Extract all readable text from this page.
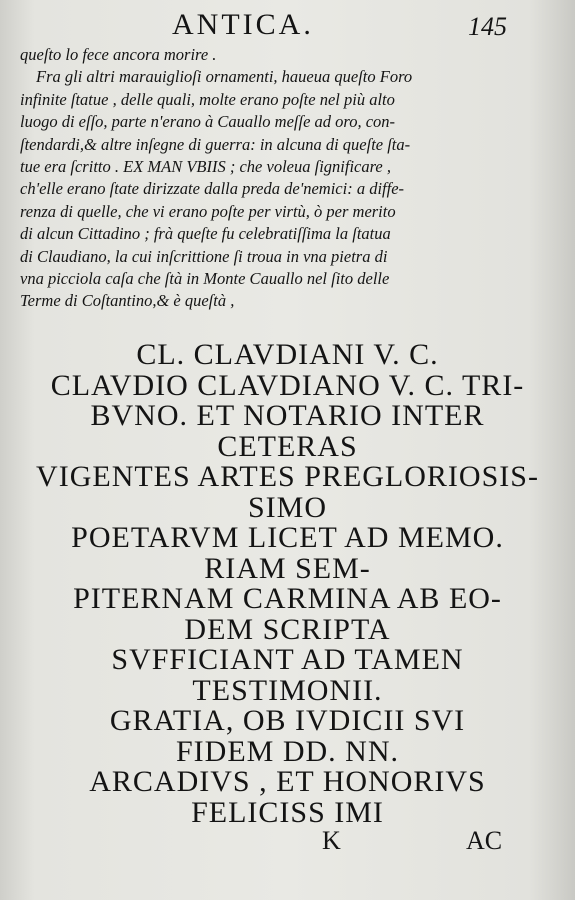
ANTICA.	145
queſto lo fece ancora morire .
Fra gli altri marauiglioſi ornamenti, haueua queſto Foro
infinite ſtatue , delle quali, molte erano poſte nel più alto
luogo di eſſo, parte n'erano à Cauallo meſſe ad oro, con-
ſtendardi,& altre inſegne di guerra: in alcuna di queſte ſta-
tue era ſcritto . EX MAN VBIIS ; che voleua ſignificare ,
ch'elle erano ſtate dirizzate dalla preda de'nemici: a diffe-
renza di quelle, che vi erano poſte per virtù, ò per merito
di alcun Cittadino ; frà queſte fu celebratiſſima la ſtatua
di Claudiano, la cui inſcrittione ſi troua in vna pietra di
vna picciola caſa che ſtà in Monte Cauallo nel ſito delle
Terme di Coſtantino,& è queſtà ,
CL. CLAVDIANI V. C.
CLAVDIO CLAVDIANO V. C. TRI-
BVNO. ET NOTARIO INTER
CETERAS
VIGENTES ARTES PREGLORIOSIS-
SIMO
POETARVM LICET AD MEMO.
RIAM SEM-
PITERNAM CARMINA AB EO-
DEM SCRIPTA
SVFFICIANT AD TAMEN
TESTIMONII.
GRATIA, OB IVDICII SVI
FIDEM DD. NN.
ARCADIVS , ET HONORIVS
FELICISS IMI
K	AC
